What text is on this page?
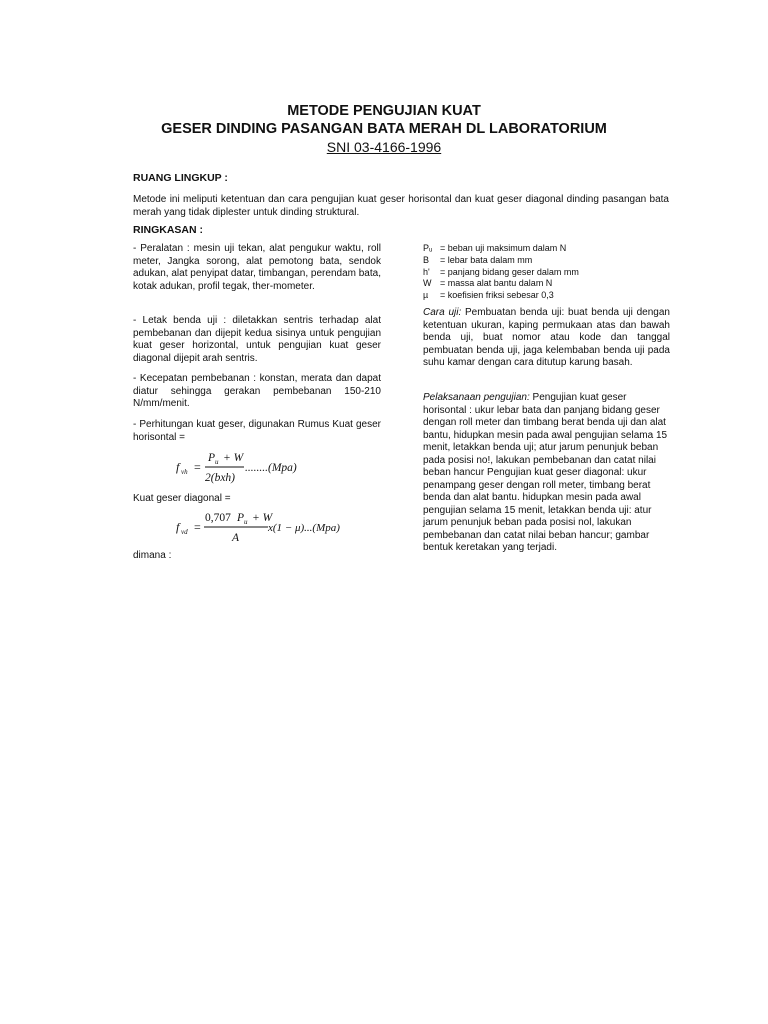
METODE PENGUJIAN KUAT
GESER DINDING PASANGAN BATA MERAH DL LABORATORIUM
SNI 03-4166-1996
RUANG LINGKUP :
Metode ini meliputi ketentuan dan cara pengujian kuat geser horisontal dan kuat geser diagonal dinding pasangan bata merah yang tidak diplester untuk dinding struktural.
RINGKASAN :
- Peralatan : mesin uji tekan, alat pengukur waktu, roll meter, Jangka sorong, alat pemotong bata, sendok adukan, alat penyipat datar, timbangan, perendam bata, kotak adukan, profil tegak, ther-mometer.
- Letak benda uji : diletakkan sentris terhadap alat pembebanan dan dijepit kedua sisinya untuk pengujian kuat geser horizontal, untuk pengujian kuat geser diagonal dijepit arah sentris.
- Kecepatan pembebanan : konstan, merata dan dapat diatur sehingga gerakan pembebanan 150-210 N/mm/menit.
- Perhitungan kuat geser, digunakan Rumus Kuat geser horisontal =
f vh =
P u + W
2(bxh)
........(Mpa)
Kuat geser diagonal =
f vd =
0,707 P u + W
A
x(1 − μ)...(Mpa)
dimana :
Pᵤ = beban uji maksimum dalam N
B = lebar bata dalam mm
h' = panjang bidang geser dalam mm
W = massa alat bantu dalam N
µ = koefisien friksi sebesar 0,3
Cara uji: Pembuatan benda uji: buat benda uji dengan ketentuan ukuran, kaping permukaan atas dan bawah benda uji, buat nomor atau kode dan tanggal pembuatan benda uji, jaga kelembaban benda uji pada suhu kamar dengan cara ditutup karung basah.
Pelaksanaan pengujian: Pengujian kuat geser horisontal : ukur lebar bata dan panjang bidang geser dengan roll meter dan timbang berat benda uji dan alat bantu, hidupkan mesin pada awal pengujian selama 15 menit, letakkan benda uji; atur jarum penunjuk beban pada posisi no!, lakukan pembebanan dan catat nilai beban hancur Pengujian kuat geser diagonal: ukur penampang geser dengan roll meter, timbang berat benda dan alat bantu. hidupkan mesin pada awal pengujian selama 15 menit, letakkan benda uji: atur jarum penunjuk beban pada posisi nol, lakukan pembebanan dan catat nilai beban hancur; gambar bentuk keretakan yang terjadi.
